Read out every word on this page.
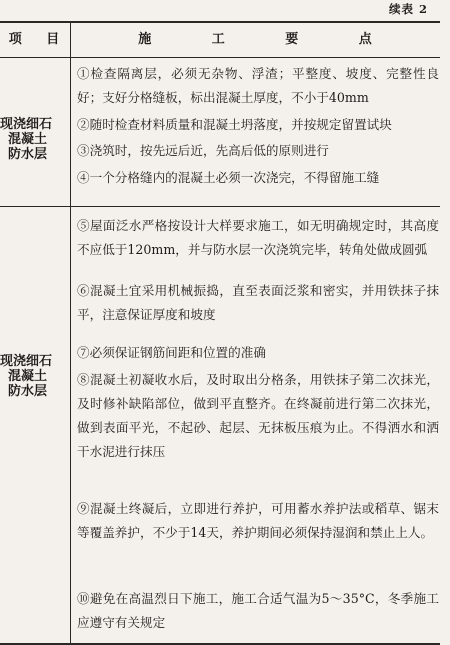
续表 2
项 目	施 工 要 点
现浇细石
混凝土
防水层
①检查隔离层，必须无杂物、浮渣；平整度、坡度、完整性良好；支好分格缝板，标出混凝土厚度，不小于40mm
②随时检查材料质量和混凝土坍落度，并按规定留置试块
③浇筑时，按先远后近，先高后低的原则进行
④一个分格缝内的混凝土必须一次浇完，不得留施工缝
现浇细石
混凝土
防水层
⑤屋面泛水严格按设计大样要求施工，如无明确规定时，其高度不应低于120mm，并与防水层一次浇筑完毕，转角处做成圆弧
⑥混凝土宜采用机械振捣，直至表面泛浆和密实，并用铁抹子抹平，注意保证厚度和坡度
⑦必须保证钢筋间距和位置的准确
⑧混凝土初凝收水后，及时取出分格条，用铁抹子第二次抹光，及时修补缺陷部位，做到平直整齐。在终凝前进行第二次抹光，做到表面平光，不起砂、起层、无抹板压痕为止。不得洒水和洒干水泥进行抹压
⑨混凝土终凝后，立即进行养护，可用蓄水养护法或稻草、锯末等覆盖养护，不少于14天，养护期间必须保持湿润和禁止上人。
⑩避免在高温烈日下施工，施工合适气温为5～35°C，冬季施工应遵守有关规定
